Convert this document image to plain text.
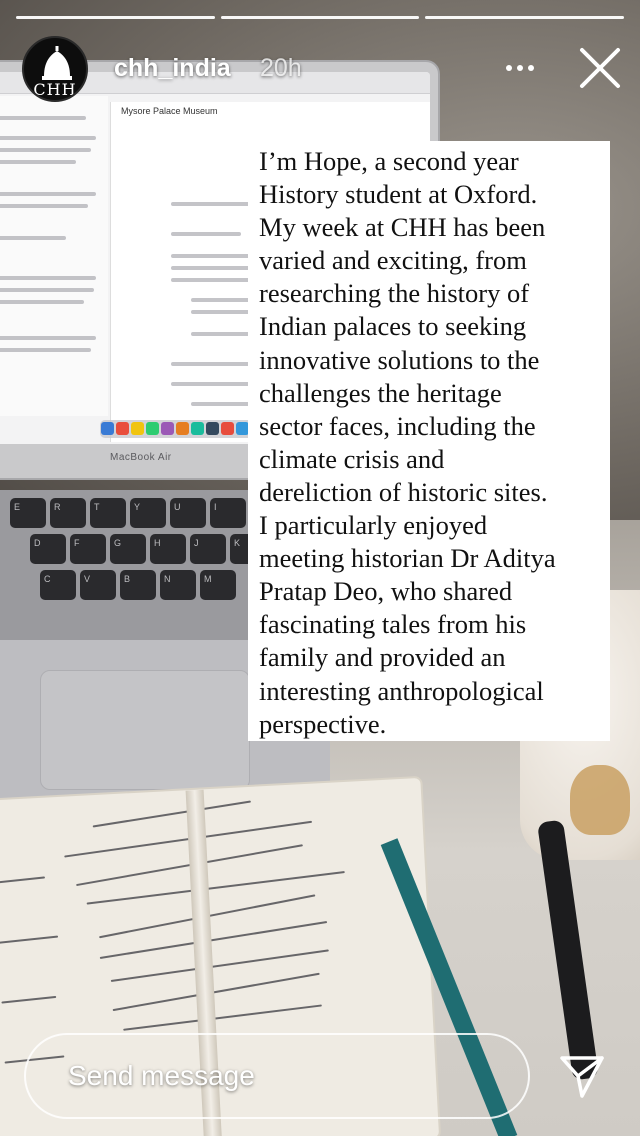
Mysore Palace Museum
MacBook Air
E	R	T	Y	U	I
D	F	G	H	J	K
C	V	B	N	M
CHH
chh_india 20h

I’m Hope, a second year
History student at Oxford.
My week at CHH has been
varied and exciting, from
researching the history of
Indian palaces to seeking
innovative solutions to the
challenges the heritage
sector faces, including the
climate crisis and
dereliction of historic sites.
I particularly enjoyed
meeting historian Dr Aditya
Pratap Deo, who shared
fascinating tales from his
family and provided an
interesting anthropological
perspective.

Send message
